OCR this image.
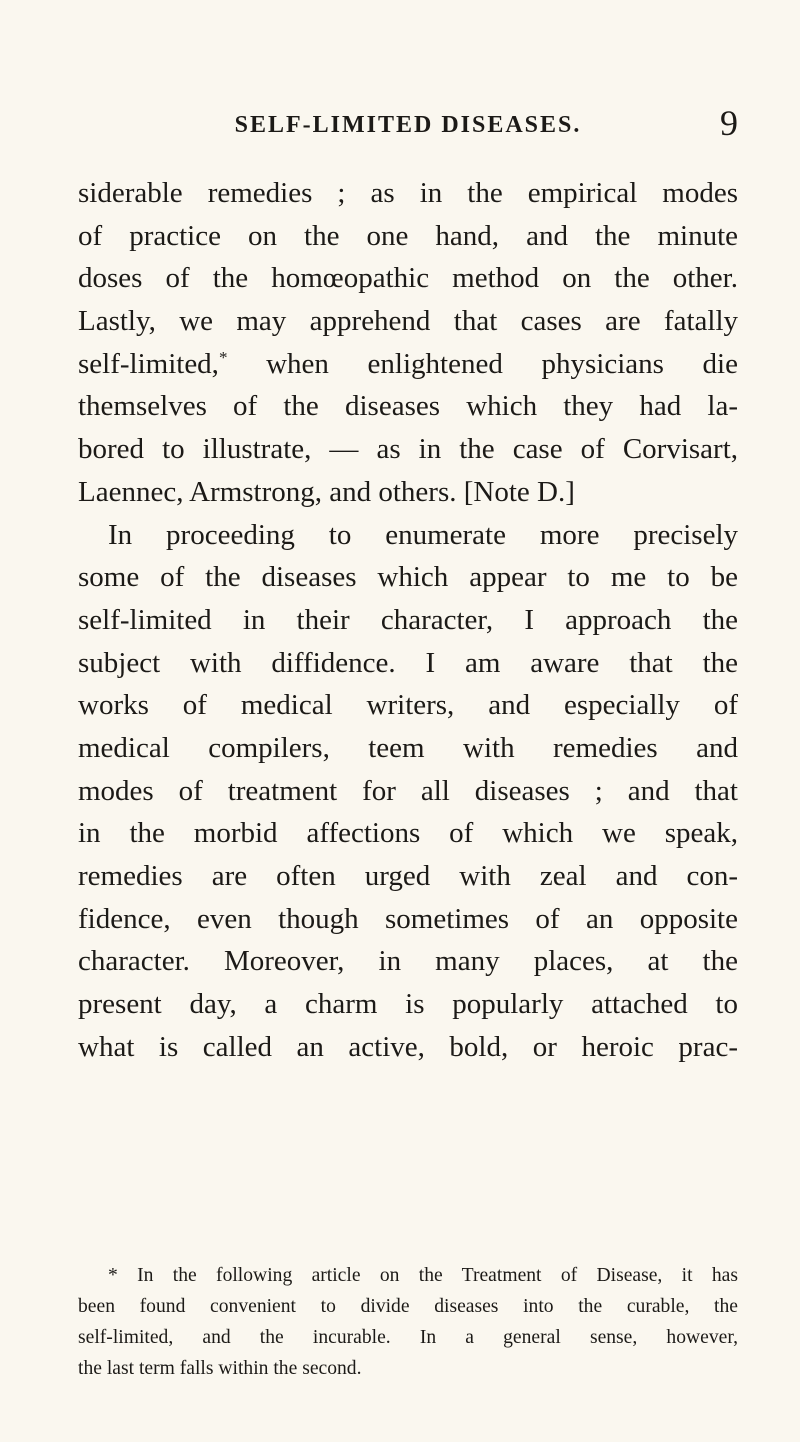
SELF-LIMITED DISEASES.	9
siderable remedies ; as in the empirical modes
of practice on the one hand, and the minute
doses of the homœopathic method on the other.
Lastly, we may apprehend that cases are fatally
self-limited,* when enlightened physicians die
themselves of the diseases which they had la-
bored to illustrate, — as in the case of Corvisart,
Laennec, Armstrong, and others. [Note D.]
In proceeding to enumerate more precisely
some of the diseases which appear to me to be
self-limited in their character, I approach the
subject with diffidence. I am aware that the
works of medical writers, and especially of
medical compilers, teem with remedies and
modes of treatment for all diseases ; and that
in the morbid affections of which we speak,
remedies are often urged with zeal and con-
fidence, even though sometimes of an opposite
character. Moreover, in many places, at the
present day, a charm is popularly attached to
what is called an active, bold, or heroic prac-
* In the following article on the Treatment of Disease, it has
been found convenient to divide diseases into the curable, the
self-limited, and the incurable. In a general sense, however,
the last term falls within the second.
